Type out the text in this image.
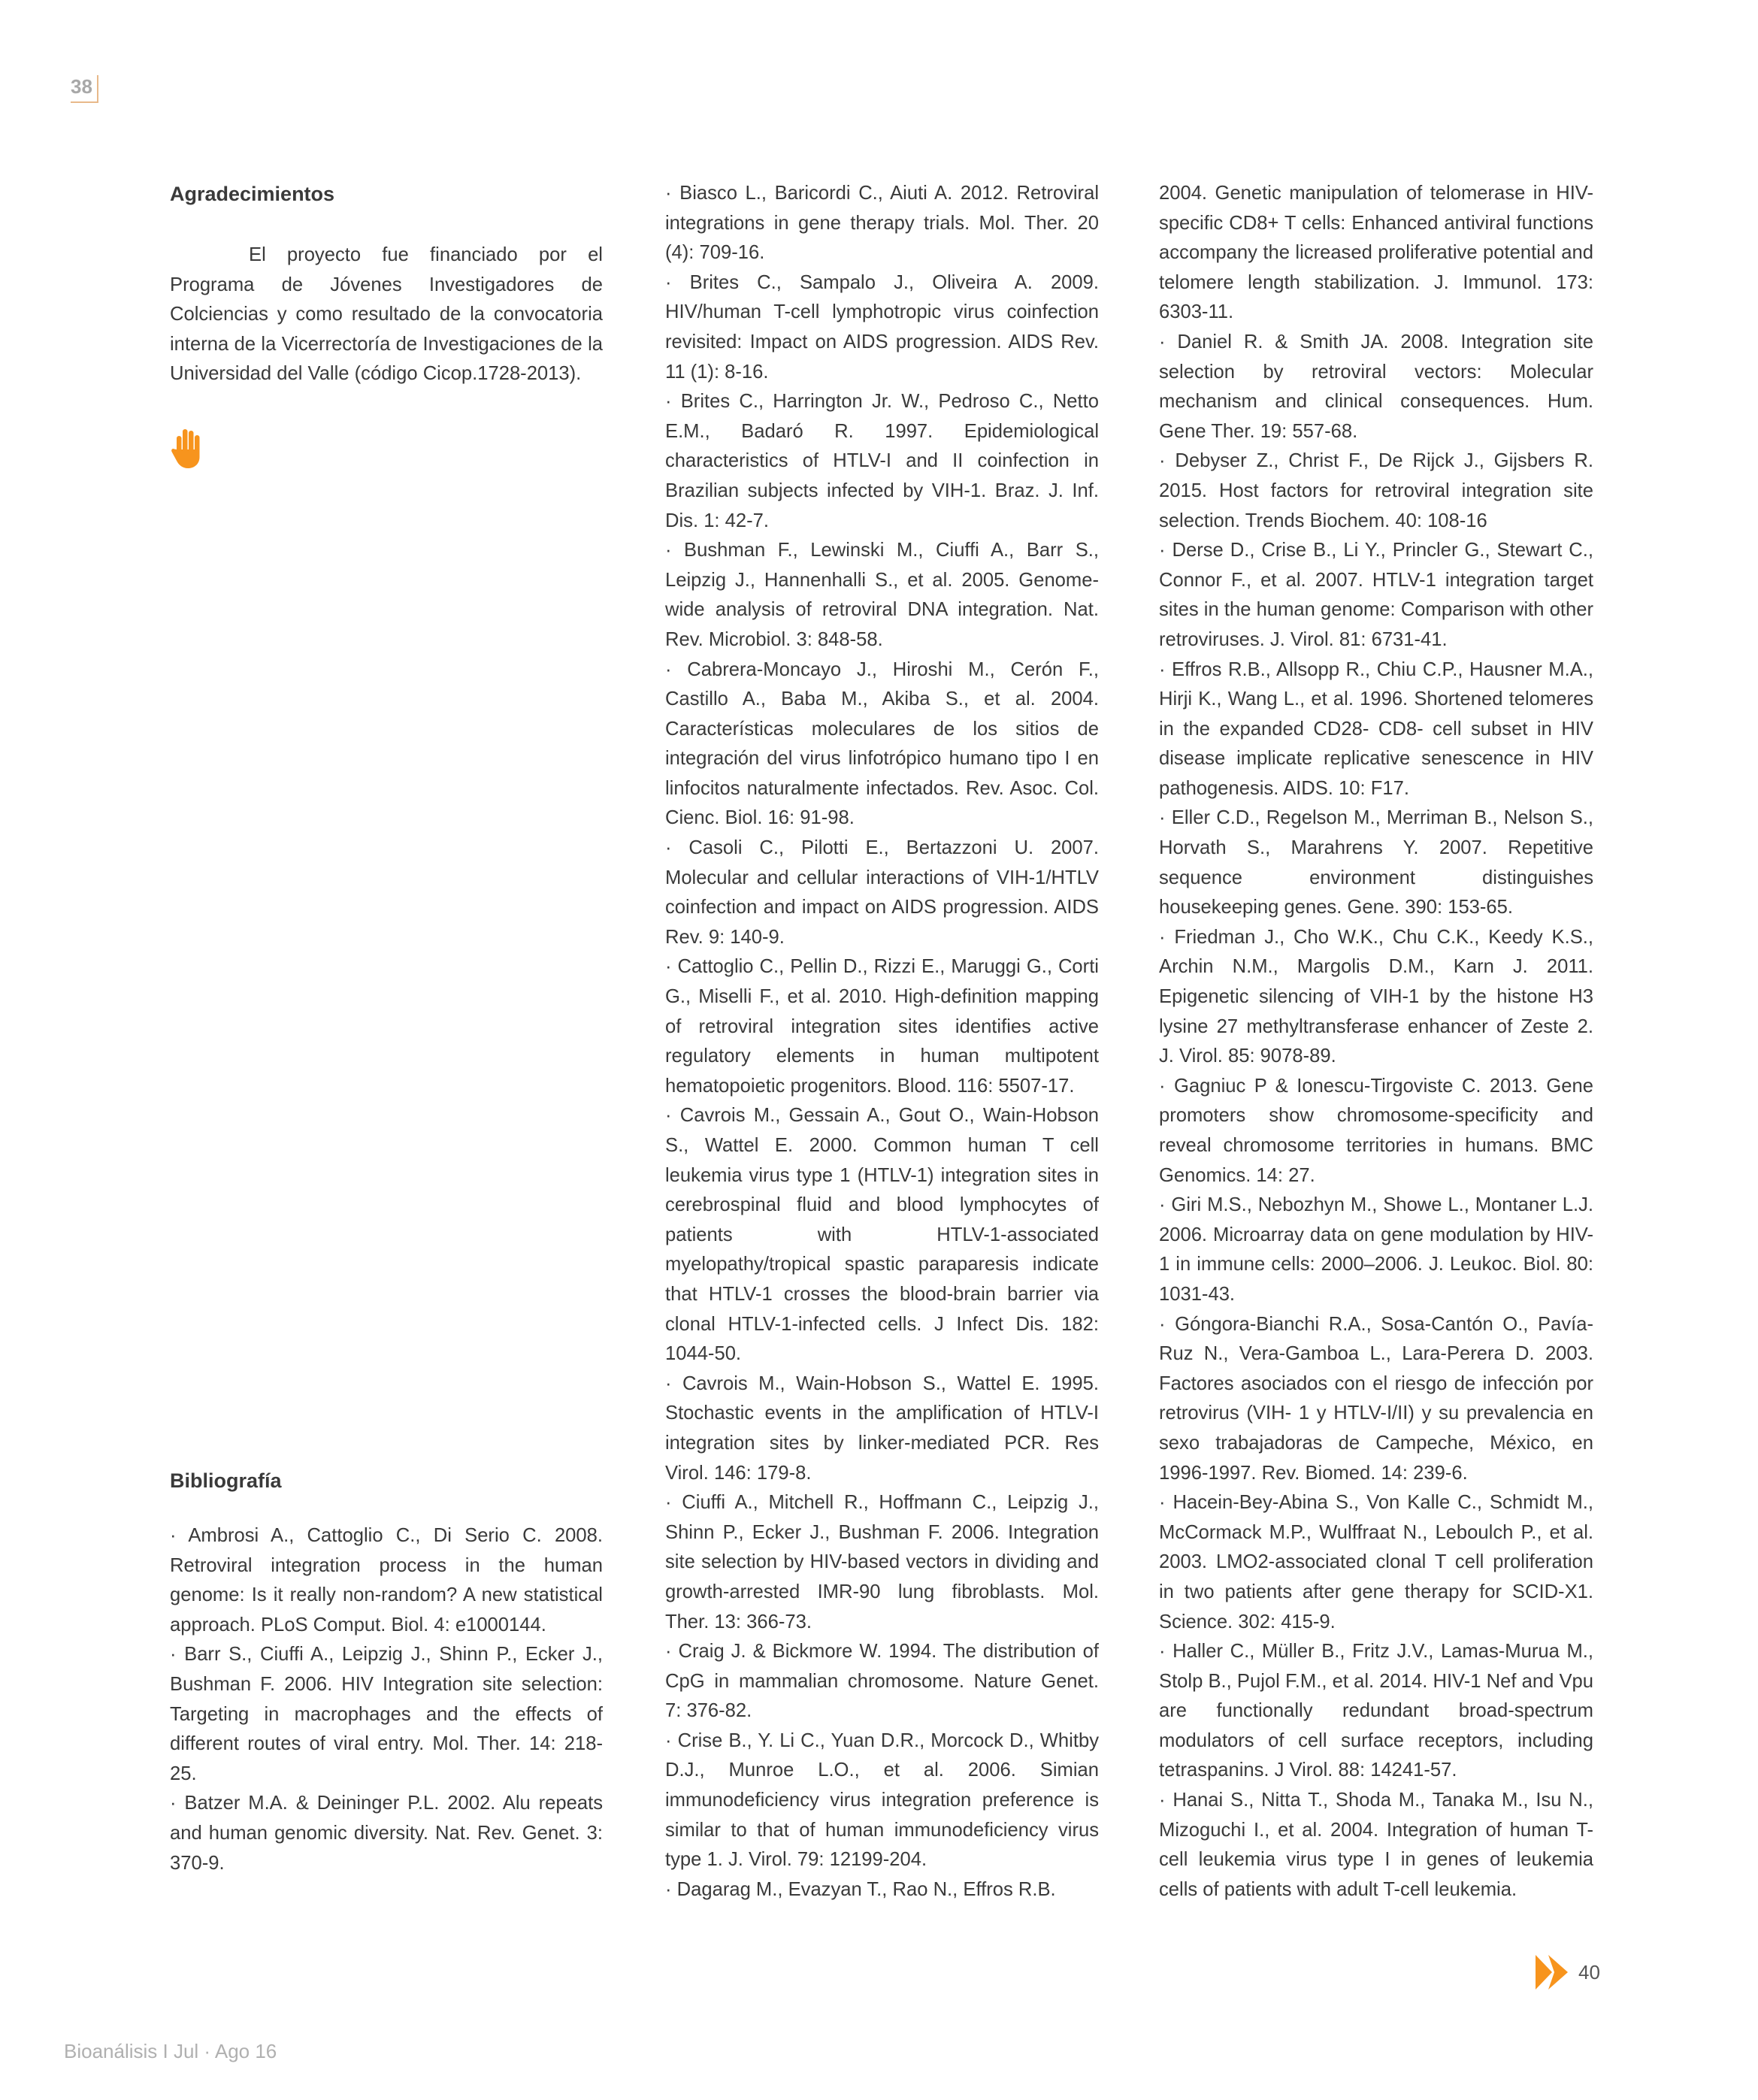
38
Agradecimientos

El proyecto fue financiado por el Programa de Jóvenes Investigadores de Colciencias y como resultado de la convocatoria interna de la Vicerrectoría de Investigaciones de la Universidad del Valle (código Cicop.1728-2013).

Bibliografía

· Ambrosi A., Cattoglio C., Di Serio C. 2008. Retroviral integration process in the human genome: Is it really non-random? A new statistical approach. PLoS Comput. Biol. 4: e1000144.

· Barr S., Ciuffi A., Leipzig J., Shinn P., Ecker J., Bushman F. 2006. HIV Integration site selection: Targeting in macrophages and the effects of different routes of viral entry. Mol. Ther. 14: 218-25.

· Batzer M.A. & Deininger P.L. 2002. Alu repeats and human genomic diversity. Nat. Rev. Genet. 3: 370-9.

· Biasco L., Baricordi C., Aiuti A. 2012. Retroviral integrations in gene therapy trials. Mol. Ther. 20 (4): 709-16.

· Brites C., Sampalo J., Oliveira A. 2009. HIV/human T-cell lymphotropic virus coinfection revisited: Impact on AIDS progression. AIDS Rev. 11 (1): 8-16.

· Brites C., Harrington Jr. W., Pedroso C., Netto E.M., Badaró R. 1997. Epidemiological characteristics of HTLV-I and II coinfection in Brazilian subjects infected by VIH-1. Braz. J. Inf. Dis. 1: 42-7.

· Bushman F., Lewinski M., Ciuffi A., Barr S., Leipzig J., Hannenhalli S., et al. 2005. Genome-wide analysis of retroviral DNA integration. Nat. Rev. Microbiol. 3: 848-58.

· Cabrera-Moncayo J., Hiroshi M., Cerón F., Castillo A., Baba M., Akiba S., et al. 2004. Características moleculares de los sitios de integración del virus linfotrópico humano tipo I en linfocitos naturalmente infectados. Rev. Asoc. Col. Cienc. Biol. 16: 91-98.

· Casoli C., Pilotti E., Bertazzoni U. 2007. Molecular and cellular interactions of VIH-1/HTLV coinfection and impact on AIDS progression. AIDS Rev. 9: 140-9.

· Cattoglio C., Pellin D., Rizzi E., Maruggi G., Corti G., Miselli F., et al. 2010. High-definition mapping of retroviral integration sites identifies active regulatory elements in human multipotent hematopoietic progenitors. Blood. 116: 5507-17.

· Cavrois M., Gessain A., Gout O., Wain-Hobson S., Wattel E. 2000. Common human T cell leukemia virus type 1 (HTLV-1) integration sites in cerebrospinal fluid and blood lymphocytes of patients with HTLV-1-associated myelopathy/tropical spastic paraparesis indicate that HTLV-1 crosses the blood-brain barrier via clonal HTLV-1-infected cells. J Infect Dis. 182: 1044-50.

· Cavrois M., Wain-Hobson S., Wattel E. 1995. Stochastic events in the amplification of HTLV-I integration sites by linker-mediated PCR. Res Virol. 146: 179-8.

· Ciuffi A., Mitchell R., Hoffmann C., Leipzig J., Shinn P., Ecker J., Bushman F. 2006. Integration site selection by HIV-based vectors in dividing and growth-arrested IMR-90 lung fibroblasts. Mol. Ther. 13: 366-73.

· Craig J. & Bickmore W. 1994. The distribution of CpG in mammalian chromosome. Nature Genet. 7: 376-82.

· Crise B., Y. Li C., Yuan D.R., Morcock D., Whitby D.J., Munroe L.O., et al. 2006. Simian immunodeficiency virus integration preference is similar to that of human immunodeficiency virus type 1. J. Virol. 79: 12199-204.

· Dagarag M., Evazyan T., Rao N., Effros R.B.

2004. Genetic manipulation of telomerase in HIV-specific CD8+ T cells: Enhanced antiviral functions accompany the licreased proliferative potential and telomere length stabilization. J. Immunol. 173: 6303-11.

· Daniel R. & Smith JA. 2008. Integration site selection by retroviral vectors: Molecular mechanism and clinical consequences. Hum. Gene Ther. 19: 557-68.

· Debyser Z., Christ F., De Rijck J., Gijsbers R. 2015. Host factors for retroviral integration site selection. Trends Biochem. 40: 108-16

· Derse D., Crise B., Li Y., Princler G., Stewart C., Connor F., et al. 2007. HTLV-1 integration target sites in the human genome: Comparison with other retroviruses. J. Virol. 81: 6731-41.

· Effros R.B., Allsopp R., Chiu C.P., Hausner M.A., Hirji K., Wang L., et al. 1996. Shortened telomeres in the expanded CD28- CD8- cell subset in HIV disease implicate replicative senescence in HIV pathogenesis. AIDS. 10: F17.

· Eller C.D., Regelson M., Merriman B., Nelson S., Horvath S., Marahrens Y. 2007. Repetitive sequence environment distinguishes housekeeping genes. Gene. 390: 153-65.

· Friedman J., Cho W.K., Chu C.K., Keedy K.S., Archin N.M., Margolis D.M., Karn J. 2011. Epigenetic silencing of VIH-1 by the histone H3 lysine 27 methyltransferase enhancer of Zeste 2. J. Virol. 85: 9078-89.

· Gagniuc P & Ionescu-Tirgoviste C. 2013. Gene promoters show chromosome-specificity and reveal chromosome territories in humans. BMC Genomics. 14: 27.

· Giri M.S., Nebozhyn M., Showe L., Montaner L.J. 2006. Microarray data on gene modulation by HIV-1 in immune cells: 2000–2006. J. Leukoc. Biol. 80: 1031-43.

· Góngora-Bianchi R.A., Sosa-Cantón O., Pavía-Ruz N., Vera-Gamboa L., Lara-Perera D. 2003. Factores asociados con el riesgo de infección por retrovirus (VIH- 1 y HTLV-I/II) y su prevalencia en sexo trabajadoras de Campeche, México, en 1996-1997. Rev. Biomed. 14: 239-6.

· Hacein-Bey-Abina S., Von Kalle C., Schmidt M., McCormack M.P., Wulffraat N., Leboulch P., et al. 2003. LMO2-associated clonal T cell proliferation in two patients after gene therapy for SCID-X1. Science. 302: 415-9.

· Haller C., Müller B., Fritz J.V., Lamas-Murua M., Stolp B., Pujol F.M., et al. 2014. HIV-1 Nef and Vpu are functionally redundant broad-spectrum modulators of cell surface receptors, including tetraspanins. J Virol. 88: 14241-57.

· Hanai S., Nitta T., Shoda M., Tanaka M., Isu N., Mizoguchi I., et al. 2004. Integration of human T-cell leukemia virus type I in genes of leukemia cells of patients with adult T-cell leukemia.

40
Bioanálisis I Jul · Ago 16
